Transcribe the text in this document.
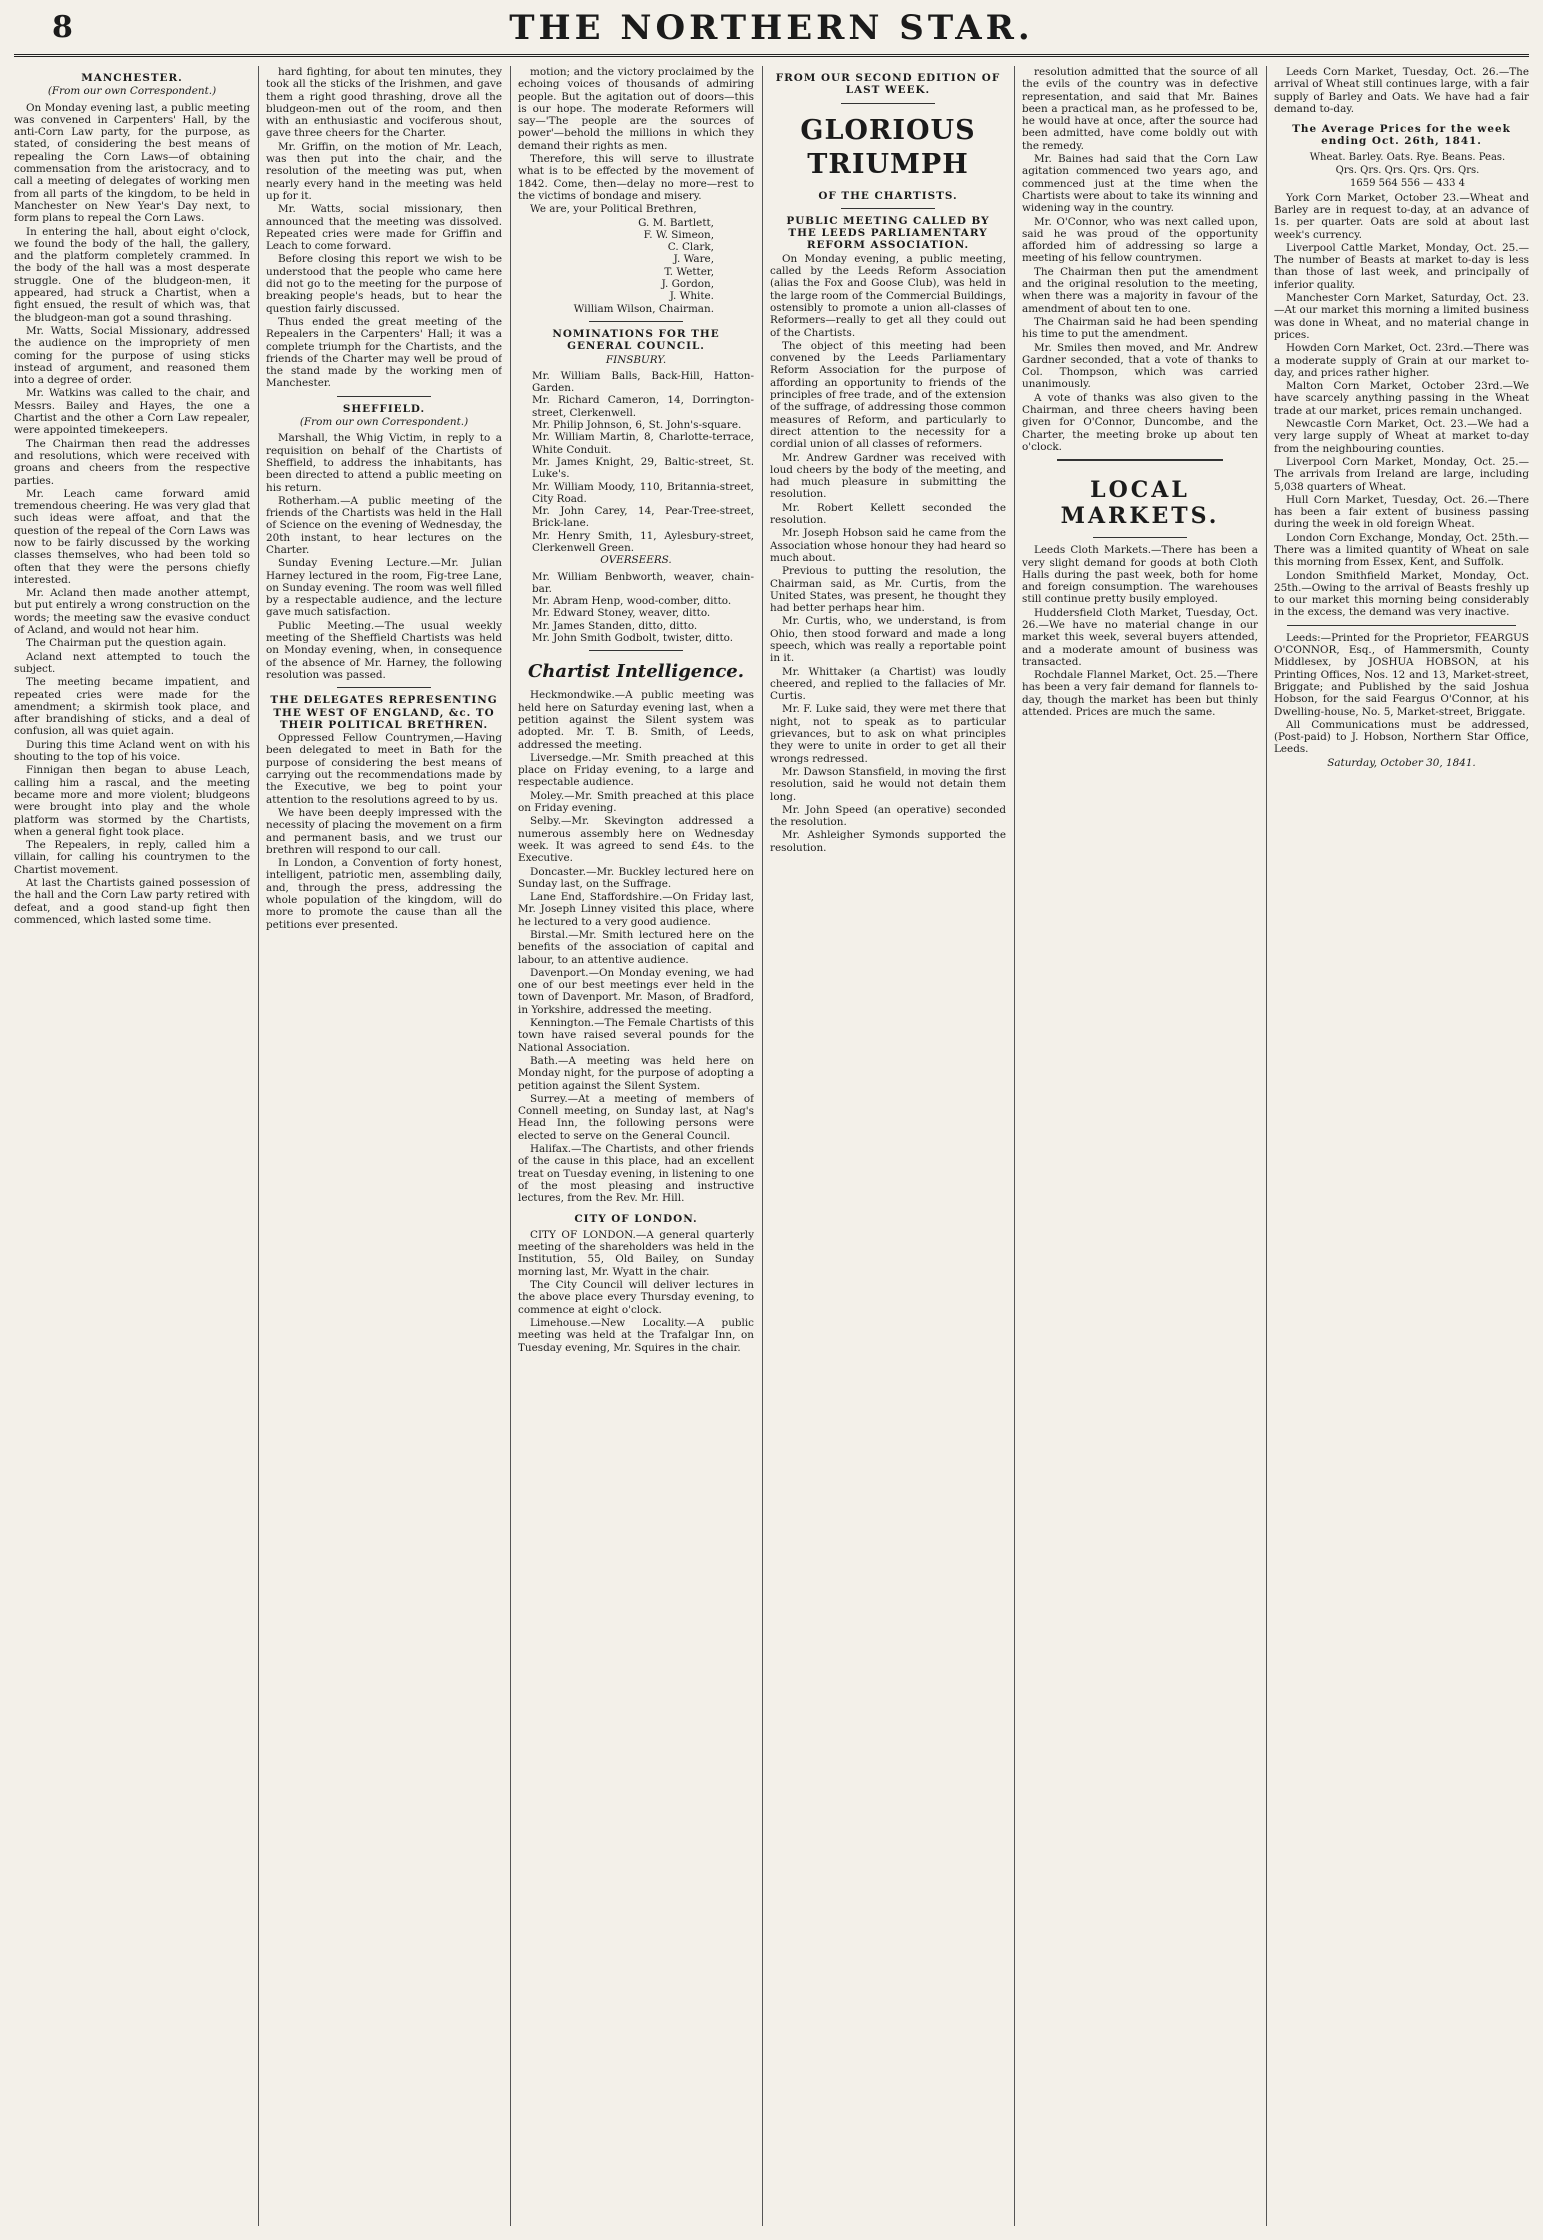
8	THE NORTHERN STAR.

MANCHESTER.

(From our own Correspondent.)

On Monday evening last, a public meeting was convened in Carpenters' Hall, by the anti-Corn Law party, for the purpose, as stated, of considering the best means of repealing the Corn Laws—of obtaining commensation from the aristocracy, and to call a meeting of delegates of working men from all parts of the kingdom, to be held in Manchester on New Year's Day next, to form plans to repeal the Corn Laws.

In entering the hall, about eight o'clock, we found the body of the hall, the gallery, and the platform completely crammed. In the body of the hall was a most desperate struggle. One of the bludgeon-men, it appeared, had struck a Chartist, when a fight ensued, the result of which was, that the bludgeon-man got a sound thrashing.

Mr. Watts, Social Missionary, addressed the audience on the impropriety of men coming for the purpose of using sticks instead of argument, and reasoned them into a degree of order.

Mr. Watkins was called to the chair, and Messrs. Bailey and Hayes, the one a Chartist and the other a Corn Law repealer, were appointed timekeepers.

The Chairman then read the addresses and resolutions, which were received with groans and cheers from the respective parties.

Mr. Leach came forward amid tremendous cheering. He was very glad that such ideas were affoat, and that the question of the repeal of the Corn Laws was now to be fairly discussed by the working classes themselves, who had been told so often that they were the persons chiefly interested.

Mr. Acland then made another attempt, but put entirely a wrong construction on the words; the meeting saw the evasive conduct of Acland, and would not hear him.

The Chairman put the question again.

Acland next attempted to touch the subject.

The meeting became impatient, and repeated cries were made for the amendment; a skirmish took place, and after brandishing of sticks, and a deal of confusion, all was quiet again.

During this time Acland went on with his shouting to the top of his voice.

Finnigan then began to abuse Leach, calling him a rascal, and the meeting became more and more violent; bludgeons were brought into play and the whole platform was stormed by the Chartists, when a general fight took place.

The Repealers, in reply, called him a villain, for calling his countrymen to the Chartist movement.

At last the Chartists gained possession of the hall and the Corn Law party retired with defeat, and a good stand-up fight then commenced, which lasted some time.

hard fighting, for about ten minutes, they took all the sticks of the Irishmen, and gave them a right good thrashing, drove all the bludgeon-men out of the room, and then with an enthusiastic and vociferous shout, gave three cheers for the Charter.

Mr. Griffin, on the motion of Mr. Leach, was then put into the chair, and the resolution of the meeting was put, when nearly every hand in the meeting was held up for it.

Mr. Watts, social missionary, then announced that the meeting was dissolved. Repeated cries were made for Griffin and Leach to come forward.

Before closing this report we wish to be understood that the people who came here did not go to the meeting for the purpose of breaking people's heads, but to hear the question fairly discussed.

Thus ended the great meeting of the Repealers in the Carpenters' Hall; it was a complete triumph for the Chartists, and the friends of the Charter may well be proud of the stand made by the working men of Manchester.

SHEFFIELD.

(From our own Correspondent.)

Marshall, the Whig Victim, in reply to a requisition on behalf of the Chartists of Sheffield, to address the inhabitants, has been directed to attend a public meeting on his return.

Rotherham.—A public meeting of the friends of the Chartists was held in the Hall of Science on the evening of Wednesday, the 20th instant, to hear lectures on the Charter.

Sunday Evening Lecture.—Mr. Julian Harney lectured in the room, Fig-tree Lane, on Sunday evening. The room was well filled by a respectable audience, and the lecture gave much satisfaction.

Public Meeting.—The usual weekly meeting of the Sheffield Chartists was held on Monday evening, when, in consequence of the absence of Mr. Harney, the following resolution was passed.

THE DELEGATES REPRESENTING THE WEST OF ENGLAND, &c. TO THEIR POLITICAL BRETHREN.

Oppressed Fellow Countrymen,—Having been delegated to meet in Bath for the purpose of considering the best means of carrying out the recommendations made by the Executive, we beg to point your attention to the resolutions agreed to by us.

We have been deeply impressed with the necessity of placing the movement on a firm and permanent basis, and we trust our brethren will respond to our call.

In London, a Convention of forty honest, intelligent, patriotic men, assembling daily, and, through the press, addressing the whole population of the kingdom, will do more to promote the cause than all the petitions ever presented.

motion; and the victory proclaimed by the echoing voices of thousands of admiring people. But the agitation out of doors—this is our hope. The moderate Reformers will say—'The people are the sources of power'—behold the millions in which they demand their rights as men.

Therefore, this will serve to illustrate what is to be effected by the movement of 1842. Come, then—delay no more—rest to the victims of bondage and misery.

We are, your Political Brethren,

G. M. Bartlett,

F. W. Simeon,

C. Clark,

J. Ware,

T. Wetter,

J. Gordon,

J. White.

William Wilson, Chairman.

NOMINATIONS FOR THE GENERAL COUNCIL.

FINSBURY.

Mr. William Balls, Back-Hill, Hatton-Garden.

Mr. Richard Cameron, 14, Dorrington-street, Clerkenwell.

Mr. Philip Johnson, 6, St. John's-square.

Mr. William Martin, 8, Charlotte-terrace, White Conduit.

Mr. James Knight, 29, Baltic-street, St. Luke's.

Mr. William Moody, 110, Britannia-street, City Road.

Mr. John Carey, 14, Pear-Tree-street, Brick-lane.

Mr. Henry Smith, 11, Aylesbury-street, Clerkenwell Green.

OVERSEERS.

Mr. William Benbworth, weaver, chain-bar.

Mr. Abram Henp, wood-comber, ditto.

Mr. Edward Stoney, weaver, ditto.

Mr. James Standen, ditto, ditto.

Mr. John Smith Godbolt, twister, ditto.

Chartist Intelligence.

Heckmondwike.—A public meeting was held here on Saturday evening last, when a petition against the Silent system was adopted. Mr. T. B. Smith, of Leeds, addressed the meeting.

Liversedge.—Mr. Smith preached at this place on Friday evening, to a large and respectable audience.

Moley.—Mr. Smith preached at this place on Friday evening.

Selby.—Mr. Skevington addressed a numerous assembly here on Wednesday week. It was agreed to send £4s. to the Executive.

Doncaster.—Mr. Buckley lectured here on Sunday last, on the Suffrage.

Lane End, Staffordshire.—On Friday last, Mr. Joseph Linney visited this place, where he lectured to a very good audience.

Birstal.—Mr. Smith lectured here on the benefits of the association of capital and labour, to an attentive audience.

Davenport.—On Monday evening, we had one of our best meetings ever held in the town of Davenport. Mr. Mason, of Bradford, in Yorkshire, addressed the meeting.

Kennington.—The Female Chartists of this town have raised several pounds for the National Association.

Bath.—A meeting was held here on Monday night, for the purpose of adopting a petition against the Silent System.

Surrey.—At a meeting of members of Connell meeting, on Sunday last, at Nag's Head Inn, the following persons were elected to serve on the General Council.

Halifax.—The Chartists, and other friends of the cause in this place, had an excellent treat on Tuesday evening, in listening to one of the most pleasing and instructive lectures, from the Rev. Mr. Hill.

CITY OF LONDON.

CITY OF LONDON.—A general quarterly meeting of the shareholders was held in the Institution, 55, Old Bailey, on Sunday morning last, Mr. Wyatt in the chair.

The City Council will deliver lectures in the above place every Thursday evening, to commence at eight o'clock.

Limehouse.—New Locality.—A public meeting was held at the Trafalgar Inn, on Tuesday evening, Mr. Squires in the chair.

FROM OUR SECOND EDITION OF LAST WEEK.

GLORIOUS TRIUMPH

OF THE CHARTISTS.

PUBLIC MEETING CALLED BY THE LEEDS PARLIAMENTARY REFORM ASSOCIATION.

On Monday evening, a public meeting, called by the Leeds Reform Association (alias the Fox and Goose Club), was held in the large room of the Commercial Buildings, ostensibly to promote a union all-classes of Reformers—really to get all they could out of the Chartists.

The object of this meeting had been convened by the Leeds Parliamentary Reform Association for the purpose of affording an opportunity to friends of the principles of free trade, and of the extension of the suffrage, of addressing those common measures of Reform, and particularly to direct attention to the necessity for a cordial union of all classes of reformers.

Mr. Andrew Gardner was received with loud cheers by the body of the meeting, and had much pleasure in submitting the resolution.

Mr. Robert Kellett seconded the resolution.

Mr. Joseph Hobson said he came from the Association whose honour they had heard so much about.

Previous to putting the resolution, the Chairman said, as Mr. Curtis, from the United States, was present, he thought they had better perhaps hear him.

Mr. Curtis, who, we understand, is from Ohio, then stood forward and made a long speech, which was really a reportable point in it.

Mr. Whittaker (a Chartist) was loudly cheered, and replied to the fallacies of Mr. Curtis.

Mr. F. Luke said, they were met there that night, not to speak as to particular grievances, but to ask on what principles they were to unite in order to get all their wrongs redressed.

Mr. Dawson Stansfield, in moving the first resolution, said he would not detain them long.

Mr. John Speed (an operative) seconded the resolution.

Mr. Ashleigher Symonds supported the resolution.

resolution admitted that the source of all the evils of the country was in defective representation, and said that Mr. Baines been a practical man, as he professed to be, he would have at once, after the source had been admitted, have come boldly out with the remedy.

Mr. Baines had said that the Corn Law agitation commenced two years ago, and commenced just at the time when the Chartists were about to take its winning and widening way in the country.

Mr. O'Connor, who was next called upon, said he was proud of the opportunity afforded him of addressing so large a meeting of his fellow countrymen.

The Chairman then put the amendment and the original resolution to the meeting, when there was a majority in favour of the amendment of about ten to one.

The Chairman said he had been spending his time to put the amendment.

Mr. Smiles then moved, and Mr. Andrew Gardner seconded, that a vote of thanks to Col. Thompson, which was carried unanimously.

A vote of thanks was also given to the Chairman, and three cheers having been given for O'Connor, Duncombe, and the Charter, the meeting broke up about ten o'clock.

LOCAL MARKETS.

Leeds Cloth Markets.—There has been a very slight demand for goods at both Cloth Halls during the past week, both for home and foreign consumption. The warehouses still continue pretty busily employed.

Huddersfield Cloth Market, Tuesday, Oct. 26.—We have no material change in our market this week, several buyers attended, and a moderate amount of business was transacted.

Rochdale Flannel Market, Oct. 25.—There has been a very fair demand for flannels to-day, though the market has been but thinly attended. Prices are much the same.

Leeds Corn Market, Tuesday, Oct. 26.—The arrival of Wheat still continues large, with a fair supply of Barley and Oats. We have had a fair demand to-day.

The Average Prices for the week ending Oct. 26th, 1841.

Wheat. Barley. Oats. Rye. Beans. Peas.

Qrs. Qrs. Qrs. Qrs. Qrs. Qrs.

1659 564 556 — 433 4

York Corn Market, October 23.—Wheat and Barley are in request to-day, at an advance of 1s. per quarter. Oats are sold at about last week's currency.

Liverpool Cattle Market, Monday, Oct. 25.—The number of Beasts at market to-day is less than those of last week, and principally of inferior quality.

Manchester Corn Market, Saturday, Oct. 23.—At our market this morning a limited business was done in Wheat, and no material change in prices.

Howden Corn Market, Oct. 23rd.—There was a moderate supply of Grain at our market to-day, and prices rather higher.

Malton Corn Market, October 23rd.—We have scarcely anything passing in the Wheat trade at our market, prices remain unchanged.

Newcastle Corn Market, Oct. 23.—We had a very large supply of Wheat at market to-day from the neighbouring counties.

Liverpool Corn Market, Monday, Oct. 25.—The arrivals from Ireland are large, including 5,038 quarters of Wheat.

Hull Corn Market, Tuesday, Oct. 26.—There has been a fair extent of business passing during the week in old foreign Wheat.

London Corn Exchange, Monday, Oct. 25th.—There was a limited quantity of Wheat on sale this morning from Essex, Kent, and Suffolk.

London Smithfield Market, Monday, Oct. 25th.—Owing to the arrival of Beasts freshly up to our market this morning being considerably in the excess, the demand was very inactive.

Leeds:—Printed for the Proprietor, FEARGUS O'CONNOR, Esq., of Hammersmith, County Middlesex, by JOSHUA HOBSON, at his Printing Offices, Nos. 12 and 13, Market-street, Briggate; and Published by the said Joshua Hobson, for the said Feargus O'Connor, at his Dwelling-house, No. 5, Market-street, Briggate.

All Communications must be addressed, (Post-paid) to J. Hobson, Northern Star Office, Leeds.

Saturday, October 30, 1841.
